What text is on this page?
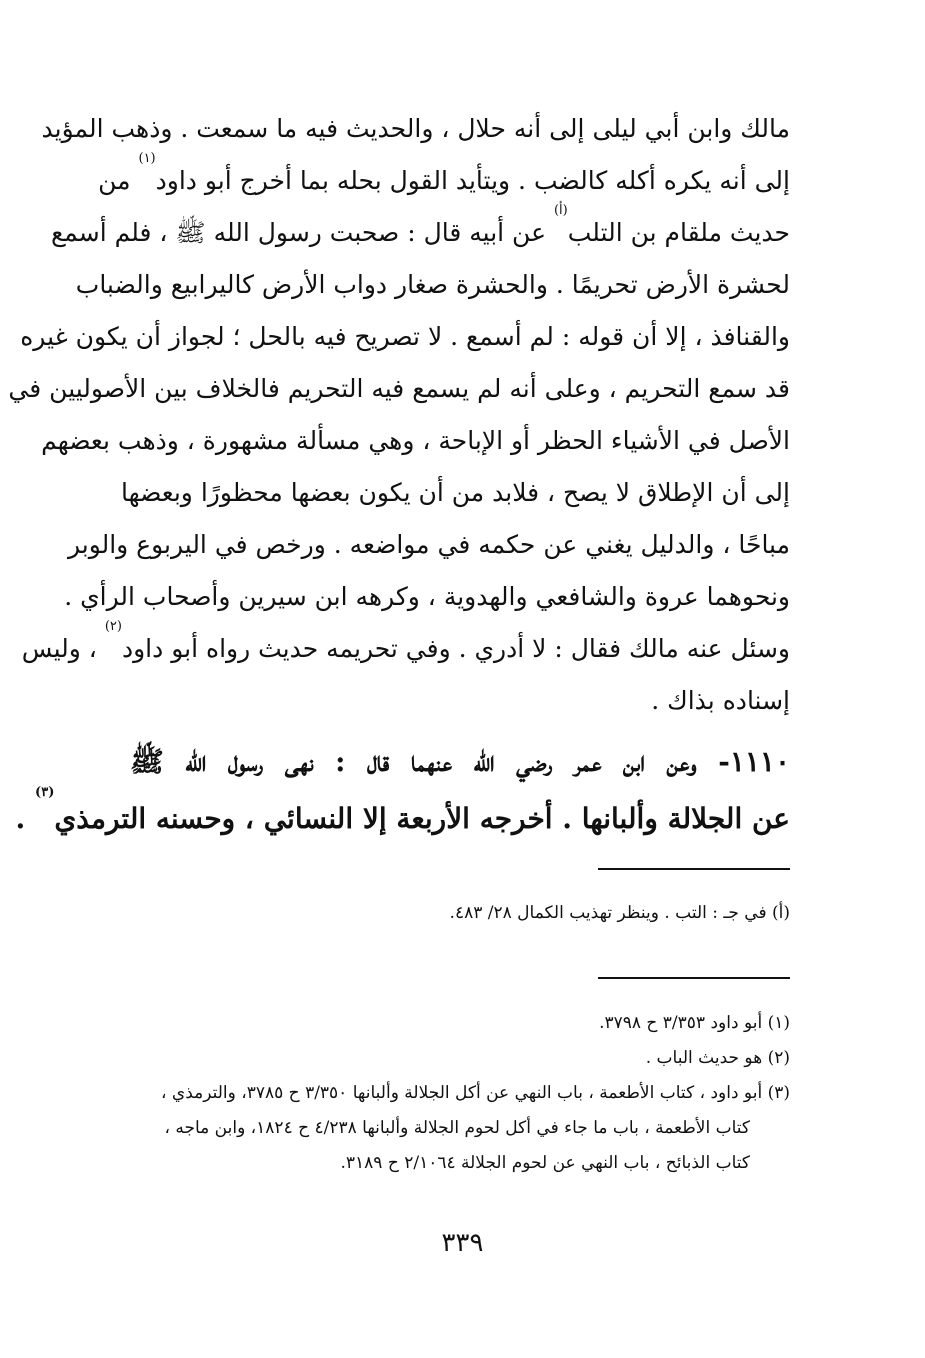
مالك وابن أبي ليلى إلى أنه حلال ، والحديث فيه ما سمعت . وذهب المؤيد
إلى أنه يكره أكله كالضب . ويتأيد القول بحله بما أخرج أبو داود$^{(١)}$ من
حديث ملقام بن التلب$^{(أ)}$ عن أبيه قال : صحبت رسول الله ﷺ ، فلم أسمع
لحشرة الأرض تحريمًا . والحشرة صغار دواب الأرض كاليرابيع والضباب
والقنافذ ، إلا أن قوله : لم أسمع . لا تصريح فيه بالحل ؛ لجواز أن يكون غيره
قد سمع التحريم ، وعلى أنه لم يسمع فيه التحريم فالخلاف بين الأصوليين في
الأصل في الأشياء الحظر أو الإباحة ، وهي مسألة مشهورة ، وذهب بعضهم
إلى أن الإطلاق لا يصح ، فلابد من أن يكون بعضها محظورًا وبعضها
مباحًا ، والدليل يغني عن حكمه في مواضعه . ورخص في اليربوع والوبر
ونحوهما عروة والشافعي والهدوية ، وكرهه ابن سيرين وأصحاب الرأي .
وسئل عنه مالك فقال : لا أدري . وفي تحريمه حديث رواه أبو داود$^{(٢)}$ ، وليس
إسناده بذاك .
١١١٠- وعن ابن عمر رضي الله عنهما قال : نهى رسول الله ﷺ
عن الجلالة وألبانها . أخرجه الأربعة إلا النسائي ، وحسنه الترمذي$^{(٣)}$ .
(أ) في جـ : التب . وينظر تهذيب الكمال ٢٨/ ٤٨٣.
(١) أبو داود ٣/٣٥٣ ح ٣٧٩٨.
(٢) هو حديث الباب .
(٣) أبو داود ، كتاب الأطعمة ، باب النهي عن أكل الجلالة وألبانها ٣/٣٥٠ ح ٣٧٨٥، والترمذي ،
كتاب الأطعمة ، باب ما جاء في أكل لحوم الجلالة وألبانها ٤/٢٣٨ ح ١٨٢٤، وابن ماجه ،
كتاب الذبائح ، باب النهي عن لحوم الجلالة ٢/١٠٦٤ ح ٣١٨٩.
٣٣٩
